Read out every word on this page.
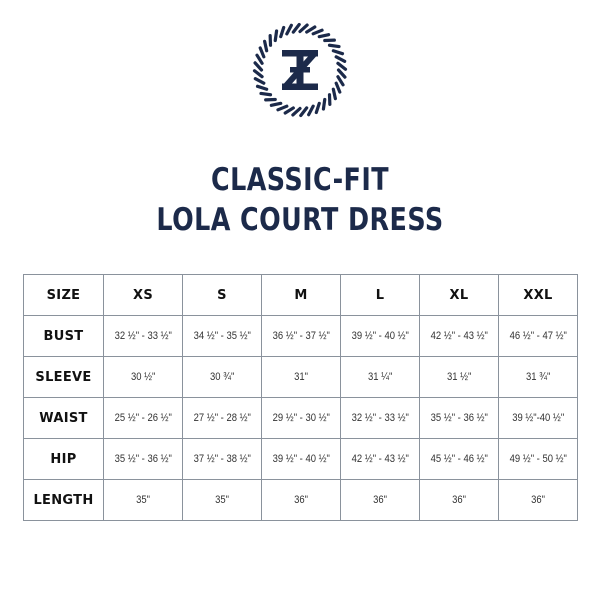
CLASSIC-FIT
LOLA COURT DRESS
SIZE	XS	S	M	L	XL	XXL
BUST	32 ½" - 33 ½"	34 ½" - 35 ½"	36 ½" - 37 ½"	39 ½" - 40 ½"	42 ½" - 43 ½"	46 ½" - 47 ½"
SLEEVE	30 ½"	30 ¾"	31"	31 ¼"	31 ½"	31 ¾"
WAIST	25 ½" - 26 ½"	27 ½" - 28 ½"	29 ½" - 30 ½"	32 ½" - 33 ½"	35 ½" - 36 ½"	39 ½"-40 ½"
HIP	35 ½" - 36 ½"	37 ½" - 38 ½"	39 ½" - 40 ½"	42 ½" - 43 ½"	45 ½" - 46 ½"	49 ½" - 50 ½"
LENGTH	35"	35"	36"	36"	36"	36"
